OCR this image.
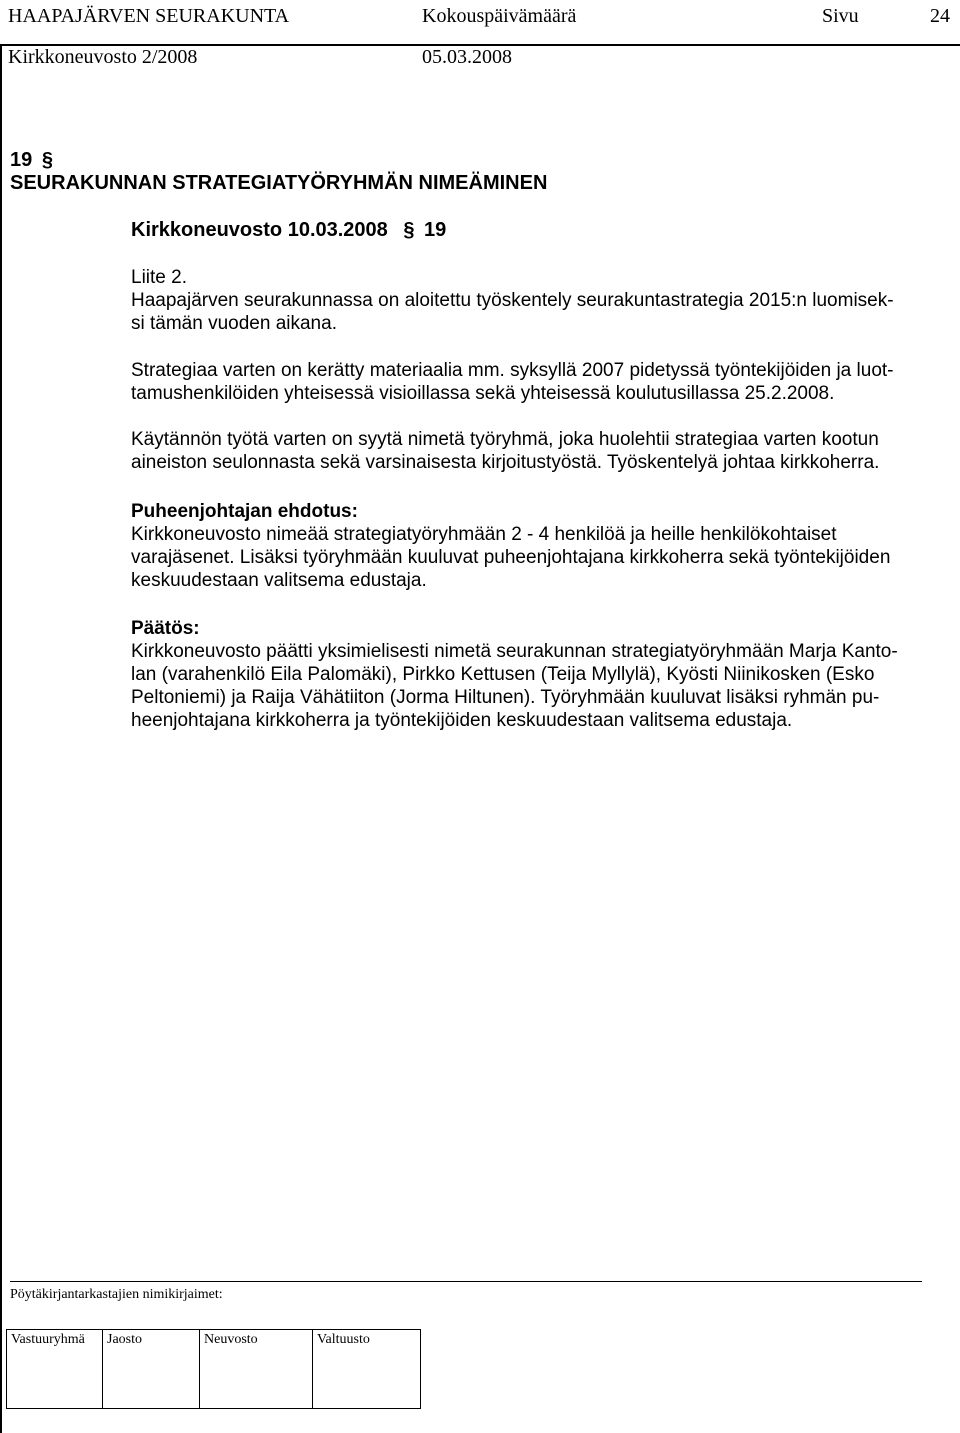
HAAPAJÄRVEN SEURAKUNTA	Kokouspäivämäärä	Sivu	24
Kirkkoneuvosto 2/2008	05.03.2008
19 §
SEURAKUNNAN STRATEGIATYÖRYHMÄN NIMEÄMINEN
Kirkkoneuvosto 10.03.2008 § 19
Liite 2.
Haapajärven seurakunnassa on aloitettu työskentely seurakuntastrategia 2015:n luomisek-
si tämän vuoden aikana.
Strategiaa varten on kerätty materiaalia mm. syksyllä 2007 pidetyssä työntekijöiden ja luot-
tamushenkilöiden yhteisessä visioillassa sekä yhteisessä koulutusillassa 25.2.2008.
Käytännön työtä varten on syytä nimetä työryhmä, joka huolehtii strategiaa varten kootun
aineiston seulonnasta sekä varsinaisesta kirjoitustyöstä. Työskentelyä johtaa kirkkoherra.
Puheenjohtajan ehdotus:
Kirkkoneuvosto nimeää strategiatyöryhmään 2 - 4 henkilöä ja heille henkilökohtaiset
varajäsenet. Lisäksi työryhmään kuuluvat puheenjohtajana kirkkoherra sekä työntekijöiden
keskuudestaan valitsema edustaja.
Päätös:
Kirkkoneuvosto päätti yksimielisesti nimetä seurakunnan strategiatyöryhmään Marja Kanto-
lan (varahenkilö Eila Palomäki), Pirkko Kettusen (Teija Myllylä), Kyösti Niinikosken (Esko
Peltoniemi) ja Raija Vähätiiton (Jorma Hiltunen). Työryhmään kuuluvat lisäksi ryhmän pu-
heenjohtajana kirkkoherra ja työntekijöiden keskuudestaan valitsema edustaja.
Pöytäkirjantarkastajien nimikirjaimet:
Vastuuryhmä	Jaosto	Neuvosto	Valtuusto
